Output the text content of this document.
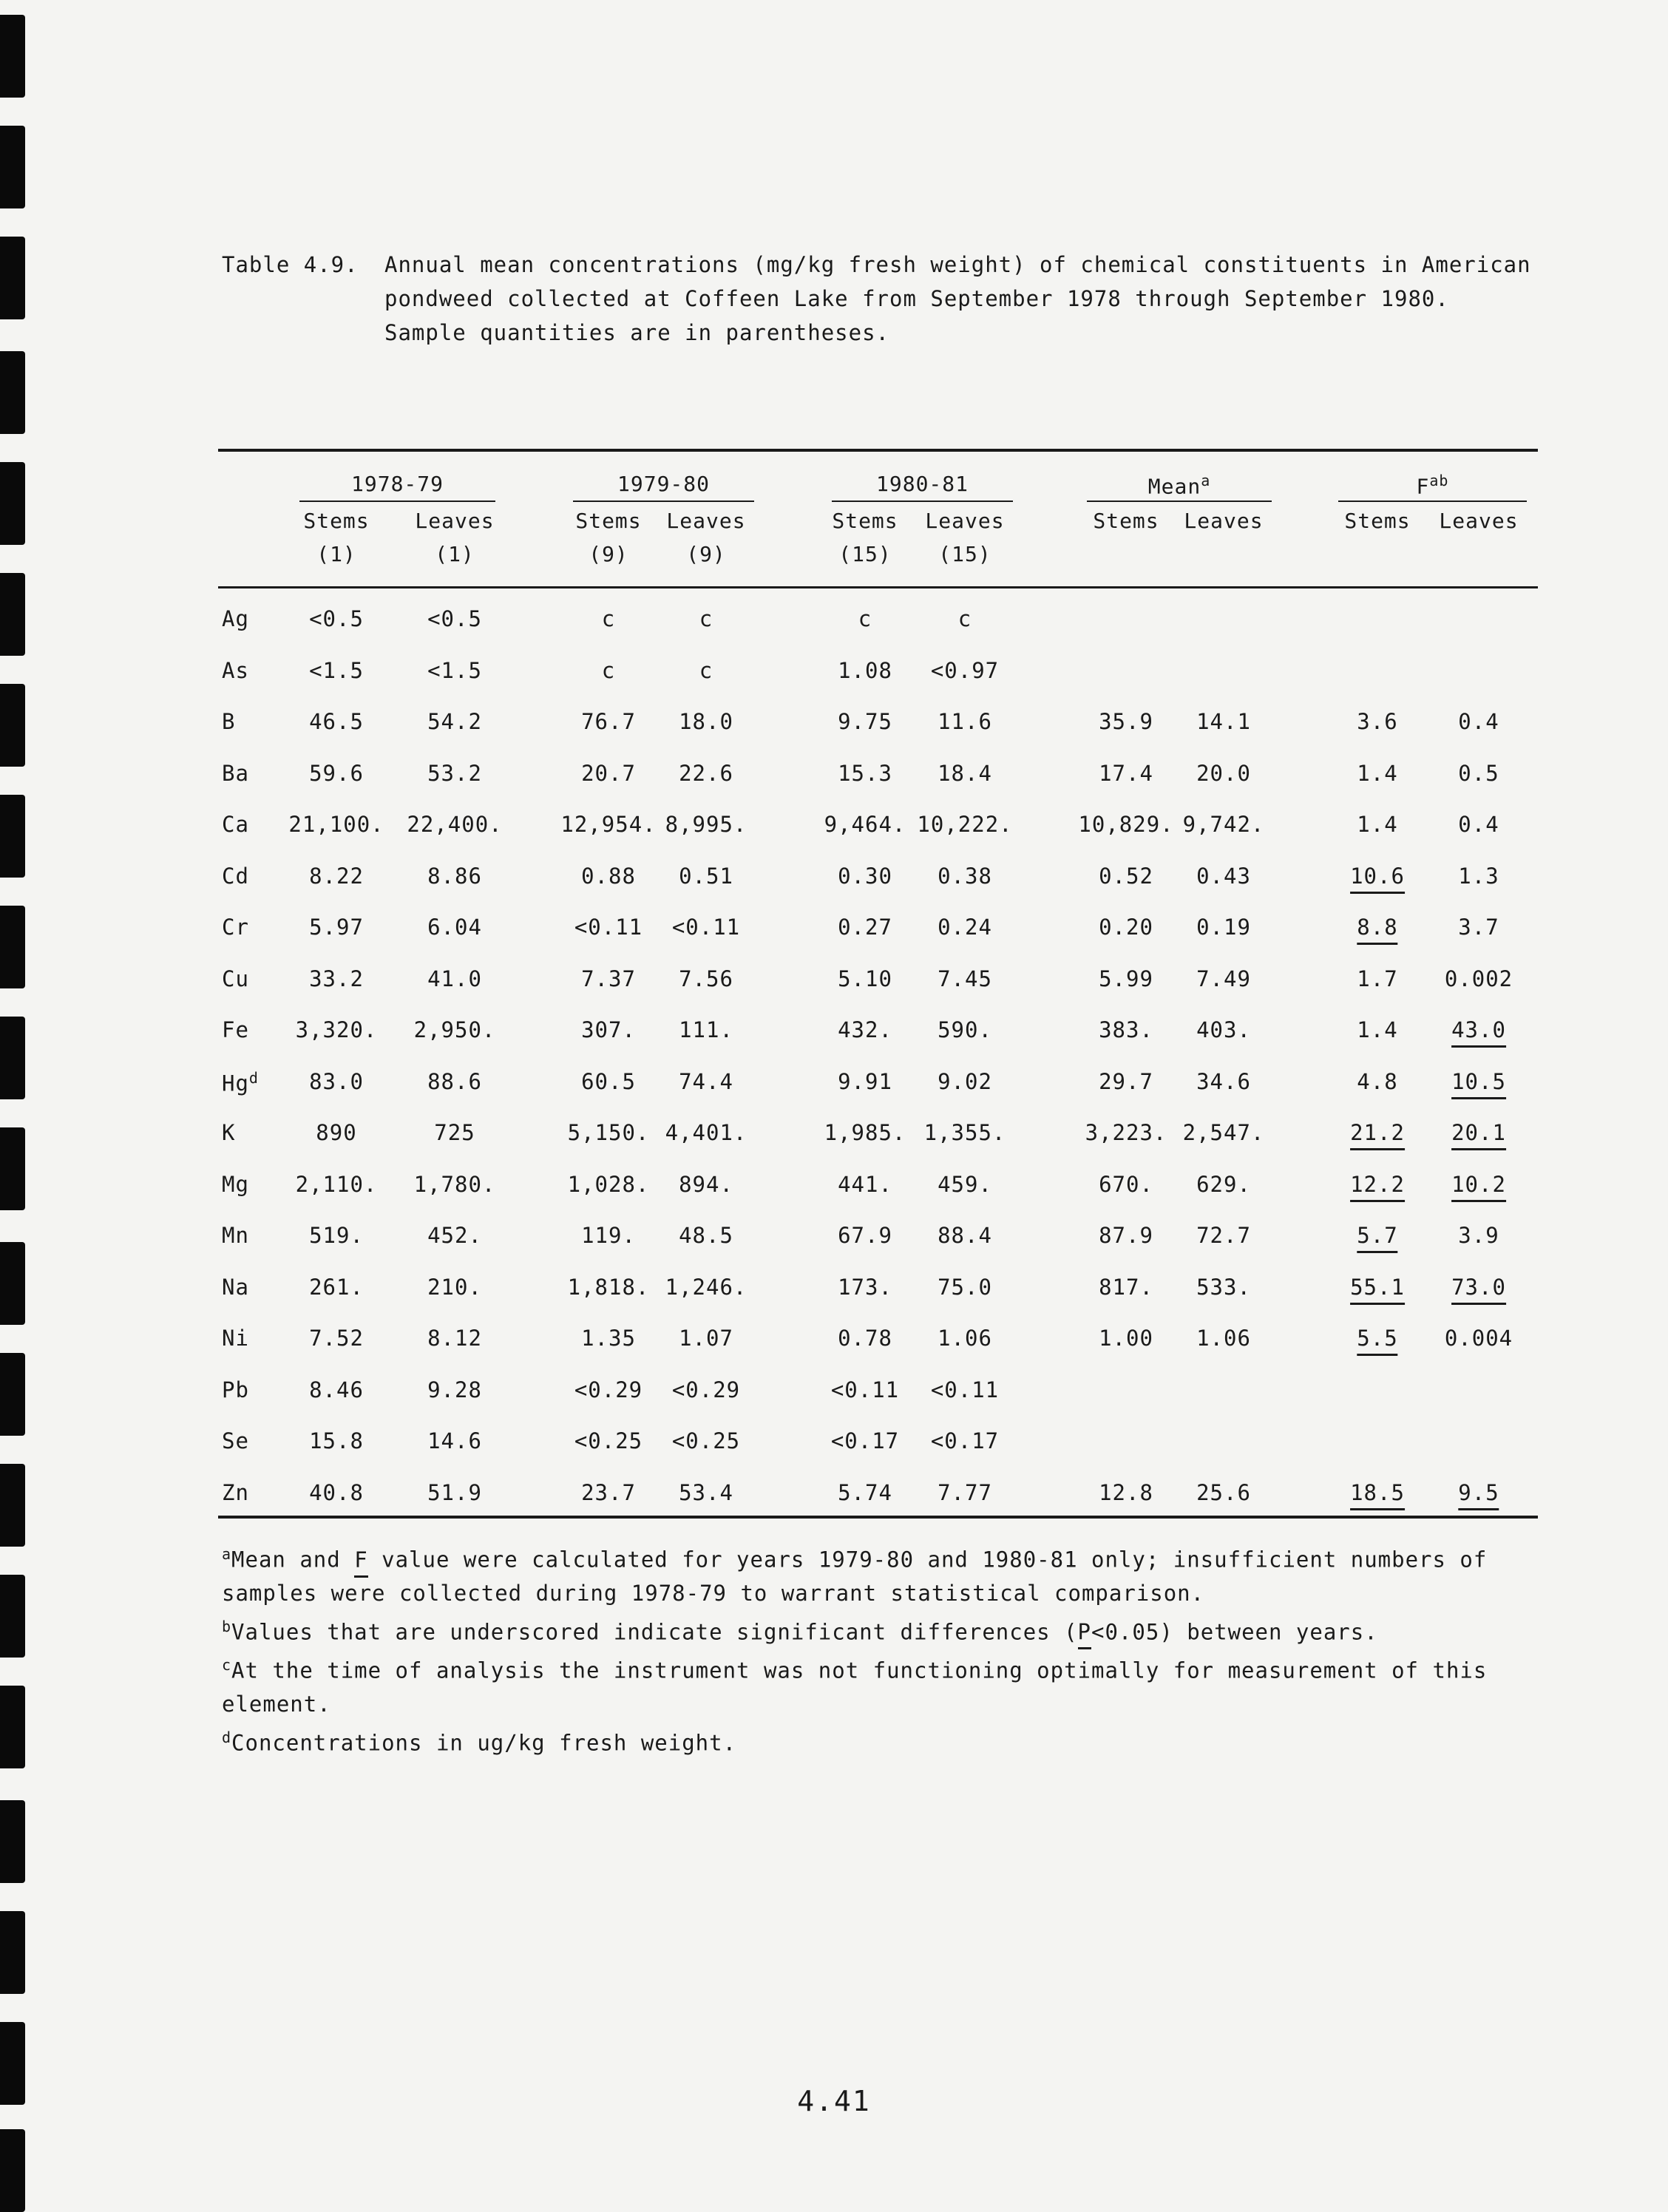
Table 4.9. Annual mean concentrations (mg/kg fresh weight) of chemical constituents in American pondweed collected at Coffeen Lake from September 1978 through September 1980. Sample quantities are in parentheses.
1978-79	1979-80	1980-81	Mean$^a$	$F^{ab}$
Stems Leaves	Stems Leaves	Stems Leaves	Stems Leaves	Stems Leaves
(1)	(1)	(9)	(9)	(15) (15)
Ag	<0.5	<0.5	c	c	c	c
As	<1.5	<1.5	c	c	1.08 <0.97
B	46.5	54.2	76.7 18.0	9.75 11.6	35.9 14.1	3.6	0.4
Ba	59.6	53.2	20.7 22.6	15.3 18.4	17.4 20.0	1.4	0.5
Ca 21,100. 22,400.	12,954. 8,995.	9,464. 10,222.	10,829. 9,742.	1.4	0.4
Cd	8.22	8.86	0.88 0.51	0.30 0.38	0.52 0.43	10.6 1.3
Cr	5.97	6.04	<0.11 <0.11	0.27 0.24	0.20 0.19	8.8	3.7
Cu	33.2	41.0	7.37 7.56	5.10 7.45	5.99 7.49	1.7 0.002
Fe 3,320. 2,950.	307. 111.	432. 590.	383. 403.	1.4 43.0
Hg$^d$ 83.0	88.6	60.5 74.4	9.91 9.02	29.7 34.6	4.8 10.5
K	890	725	5,150. 4,401.	1,985. 1,355.	3,223. 2,547.	21.2 20.1
Mg 2,110. 1,780.	1,028. 894.	441. 459.	670. 629.	12.2 10.2
Mn	519.	452.	119. 48.5	67.9 88.4	87.9 72.7	5.7	3.9
Na	261.	210.	1,818. 1,246.	173. 75.0	817. 533.	55.1 73.0
Ni	7.52	8.12	1.35 1.07	0.78 1.06	1.00 1.06	5.5 0.004
Pb	8.46	9.28	<0.29 <0.29	<0.11 <0.11
Se	15.8	14.6	<0.25 <0.25	<0.17 <0.17
Zn	40.8	51.9	23.7 53.4	5.74 7.77	12.8 25.6	18.5 9.5

$^a$Mean and F value were calculated for years 1979-80 and 1980-81 only; insufficient numbers of samples were collected during 1978-79 to warrant statistical comparison.

$^b$Values that are underscored indicate significant differences (P<0.05) between years.

$^c$At the time of analysis the instrument was not functioning optimally for measurement of this element.

$^d$Concentrations in ug/kg fresh weight.

4.41
